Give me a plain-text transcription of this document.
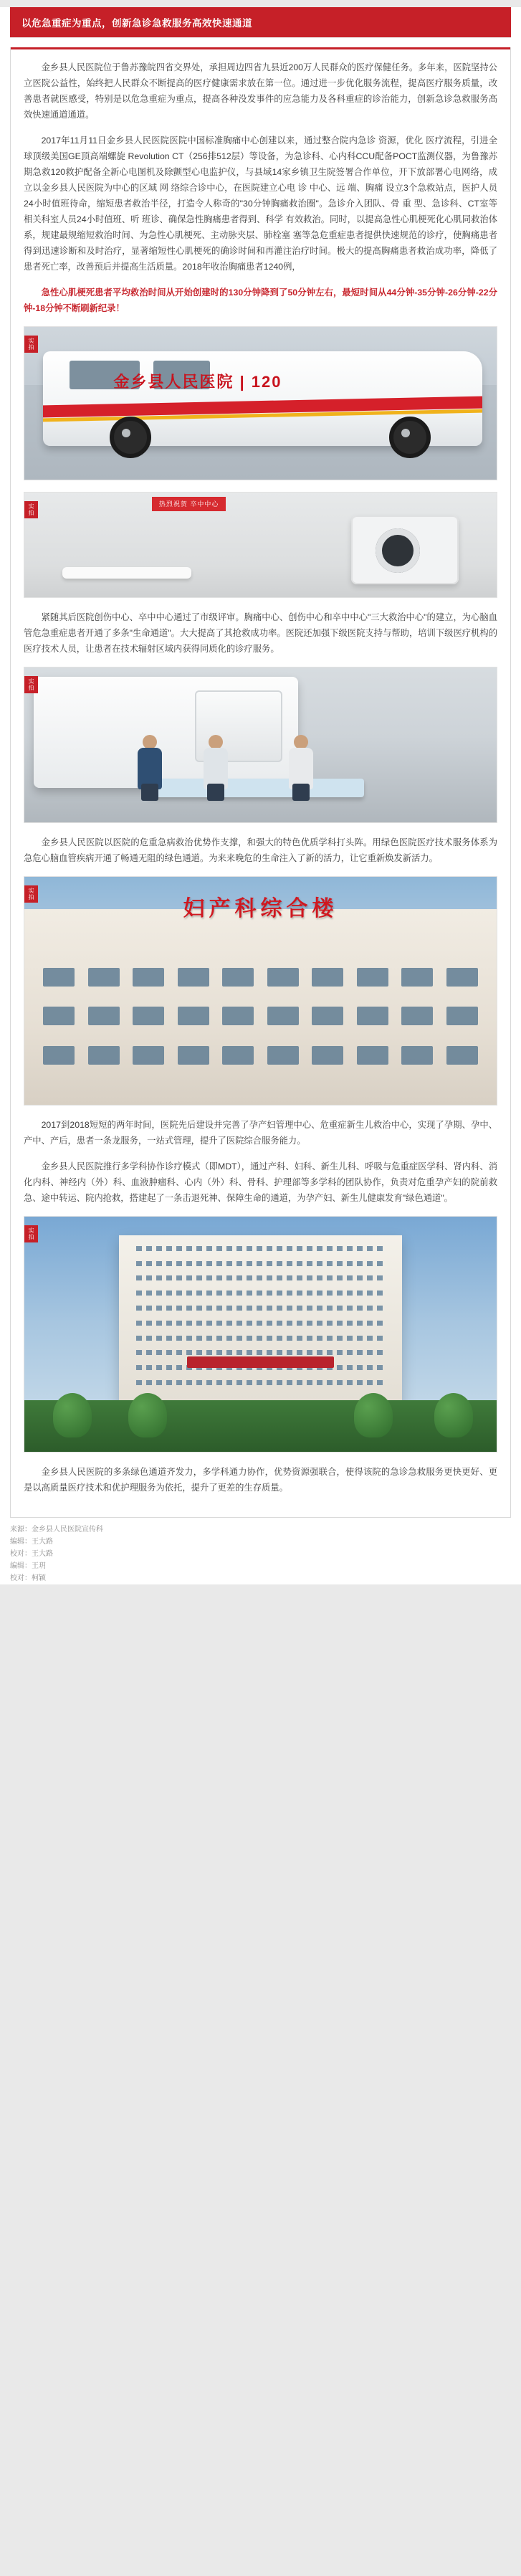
以危急重症为重点，创新急诊急救服务高效快速通道

金乡县人民医院位于鲁苏豫皖四省交界处，承担周边四省九县近200万人民群众的医疗保健任务。多年来，医院坚持公立医院公益性，始终把人民群众不断提高的医疗健康需求放在第一位。通过进一步优化服务流程，提高医疗服务质量，改善患者就医感受，特别是以危急重症为重点，提高各种没发事件的应急能力及各科重症的诊治能力，创新急诊急救服务高效快速通道通道。

2017年11月11日金乡县人民医院医院中国标准胸痛中心创建以来，通过整合院内急诊 资源，优化 医疗流程，引进全球顶级美国GE顶高端螺旋 Revolution CT（256排512层）等设备，为急诊科、心内科CCU配备POCT监测仪器，为鲁豫苏期急救120救护配备全新心电图机及除颤型心电监护仪，与县域14家乡镇卫生院签署合作单位，开下放部署心电网络，成立以金乡县人民医院为中心的区域 网 络综合诊中心，在医院建立心电 诊 中心、远 端、胸痛 设立3个急救站点，医护人员24小时值班待命，缩短患者救治半径，打造令人称奇的"30分钟胸痛救治圈"。急诊介入团队、骨 重 型、急诊科、CT室等相关科室人员24小时值班、听 班诊、确保急性胸痛患者得到、科学 有效救治。同时，以提高急性心肌梗死化心肌同救治体系，规建最规缩短救治时间、为急性心肌梗死、主动脉夹层、肺栓塞 塞等急危重症患者提供快速规范的诊疗，使胸痛患者得到迅速诊断和及时治疗，显著缩短性心肌梗死的确诊时间和再灌注治疗时间。极大的提高胸痛患者救治成功率，降低了患者死亡率，改善预后并提高生活质量。2018年收治胸痛患者1240例，

急性心肌梗死患者平均救治时间从开始创建时的130分钟降到了50分钟左右，最短时间从44分钟-35分钟-26分钟-22分钟-18分钟不断刷新纪录！

实拍
金乡县人民医院 | 120
实拍	热烈祝贺 卒中中心

紧随其后医院创伤中心、卒中中心通过了市级评审。胸痛中心、创伤中心和卒中中心"三大救治中心"的建立，为心脑血管危急重症患者开通了多条"生命通道"。大大提高了其抢救成功率。医院还加强下级医院支持与帮助，培训下级医疗机构的医疗技术人员，让患者在技术辐射区域内获得同质化的诊疗服务。

实拍

金乡县人民医院以医院的危重急病救治优势作支撑，和强大的特色优质学科打头阵。用绿色医院医疗技术服务体系为急危心脑血管疾病开通了畅通无阻的绿色通道。为来来晚危的生命注入了新的活力，让它重新焕发新活力。

实拍
妇产科综合楼

2017到2018短短的两年时间，医院先后建设并完善了孕产妇管理中心、危重症新生儿救治中心，实现了孕期、孕中、产中、产后，患者一条龙服务，一站式管理，提升了医院综合服务能力。

金乡县人民医院推行多学科协作诊疗模式（即MDT），通过产科、妇科、新生儿科、呼吸与危重症医学科、肾内科、消化内科、神经内（外）科、血液肿瘤科、心内（外）科、骨科、护理部等多学科的团队协作，负责对危重孕产妇的院前救急、途中转运、院内抢救，搭建起了一条击退死神、保障生命的通道，为孕产妇、新生儿健康发育"绿色通道"。

实拍

金乡县人民医院的多条绿色通道齐发力，多学科通力协作，优势资源强联合，使得该院的急诊急救服务更快更好、更是以高质量医疗技术和优护理服务为依托，提升了更差的生存质量。

来源：金乡县人民医院宣传科
编辑：王大路
校对：王大路
编辑：王玥
校对：柯颖
